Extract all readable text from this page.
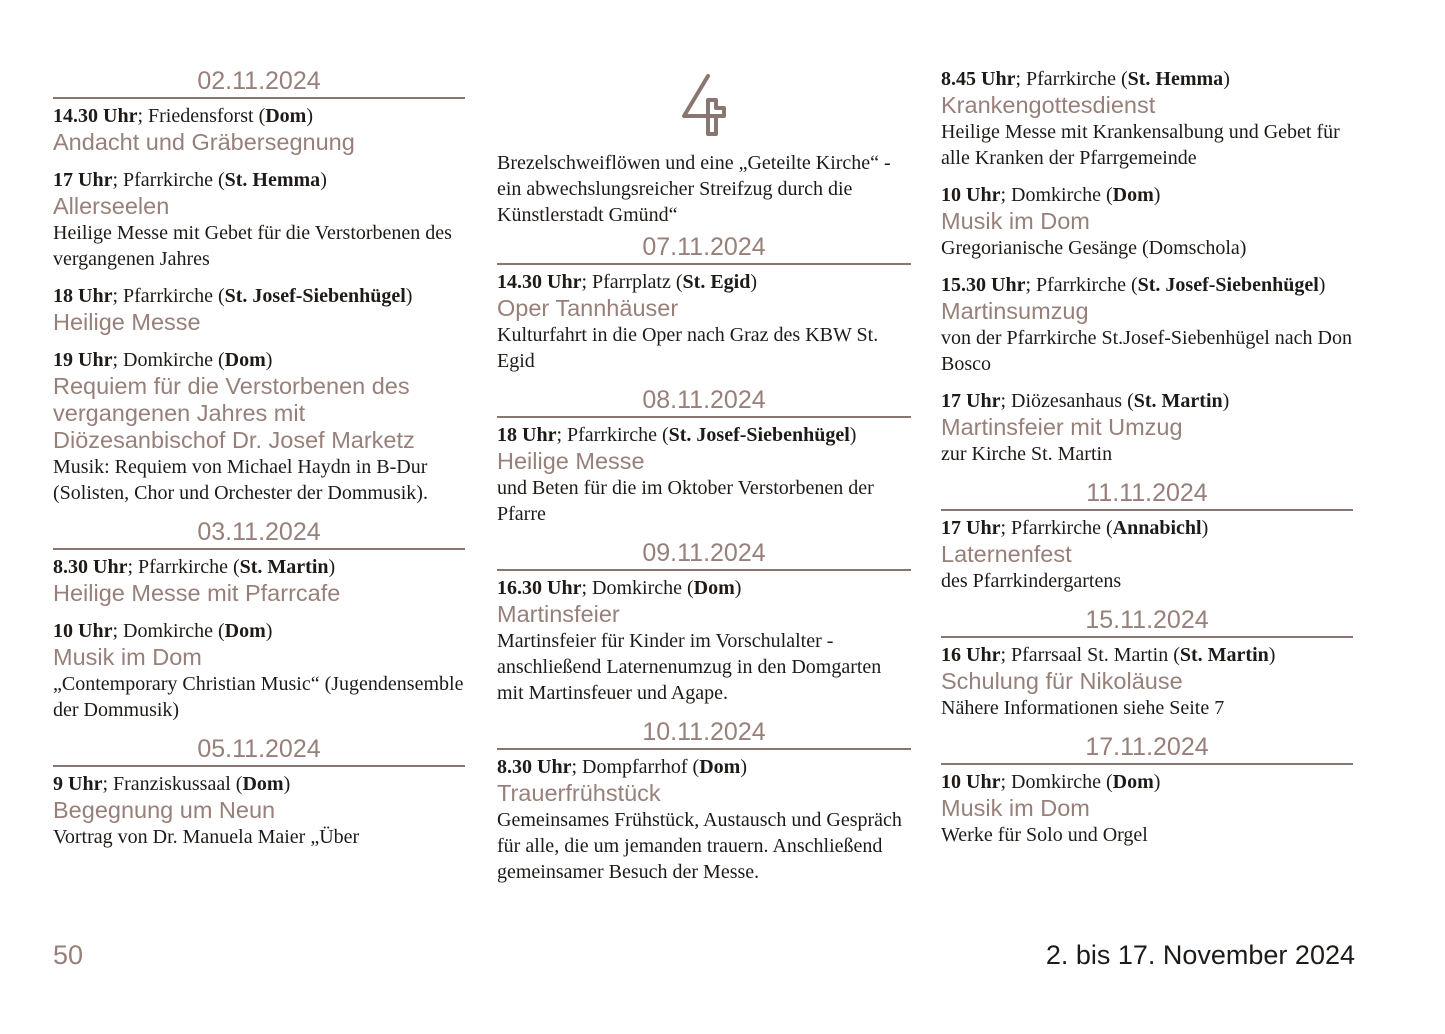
02.11.2024
14.30 Uhr; Friedensforst (Dom)
Andacht und Gräbersegnung
17 Uhr; Pfarrkirche (St. Hemma)
Allerseelen
Heilige Messe mit Gebet für die Verstorbenen des vergangenen Jahres
18 Uhr; Pfarrkirche (St. Josef-Siebenhügel)
Heilige Messe
19 Uhr; Domkirche (Dom)
Requiem für die Verstorbenen des vergangenen Jahres mit Diözesanbischof Dr. Josef Marketz
Musik: Requiem von Michael Haydn in B-Dur (Solisten, Chor und Orchester der Dommusik).
03.11.2024
8.30 Uhr; Pfarrkirche (St. Martin)
Heilige Messe mit Pfarrcafe
10 Uhr; Domkirche (Dom)
Musik im Dom
„Contemporary Christian Music“ (Jugendensemble der Dommusik)
05.11.2024
9 Uhr; Franziskussaal (Dom)
Begegnung um Neun
Vortrag von Dr. Manuela Maier „Über
Brezelschweiflöwen und eine „Geteilte Kirche“ - ein abwechslungsreicher Streifzug durch die Künstlerstadt Gmünd“
07.11.2024
14.30 Uhr; Pfarrplatz (St. Egid)
Oper Tannhäuser
Kulturfahrt in die Oper nach Graz des KBW St. Egid
08.11.2024
18 Uhr; Pfarrkirche (St. Josef-Siebenhügel)
Heilige Messe
und Beten für die im Oktober Verstorbenen der Pfarre
09.11.2024
16.30 Uhr; Domkirche (Dom)
Martinsfeier
Martinsfeier für Kinder im Vorschulalter - anschließend Laternenumzug in den Domgarten mit Martinsfeuer und Agape.
10.11.2024
8.30 Uhr; Dompfarrhof (Dom)
Trauerfrühstück
Gemeinsames Frühstück, Austausch und Gespräch für alle, die um jemanden trauern. Anschließend gemeinsamer Besuch der Messe.
8.45 Uhr; Pfarrkirche (St. Hemma)
Krankengottesdienst
Heilige Messe mit Krankensalbung und Gebet für alle Kranken der Pfarrgemeinde
10 Uhr; Domkirche (Dom)
Musik im Dom
Gregorianische Gesänge (Domschola)
15.30 Uhr; Pfarrkirche (St. Josef-Siebenhügel)
Martinsumzug
von der Pfarrkirche St.Josef-Siebenhügel nach Don Bosco
17 Uhr; Diözesanhaus (St. Martin)
Martinsfeier mit Umzug
zur Kirche St. Martin
11.11.2024
17 Uhr; Pfarrkirche (Annabichl)
Laternenfest
des Pfarrkindergartens
15.11.2024
16 Uhr; Pfarrsaal St. Martin (St. Martin)
Schulung für Nikoläuse
Nähere Informationen siehe Seite 7
17.11.2024
10 Uhr; Domkirche (Dom)
Musik im Dom
Werke für Solo und Orgel
50	2. bis 17. November 2024
